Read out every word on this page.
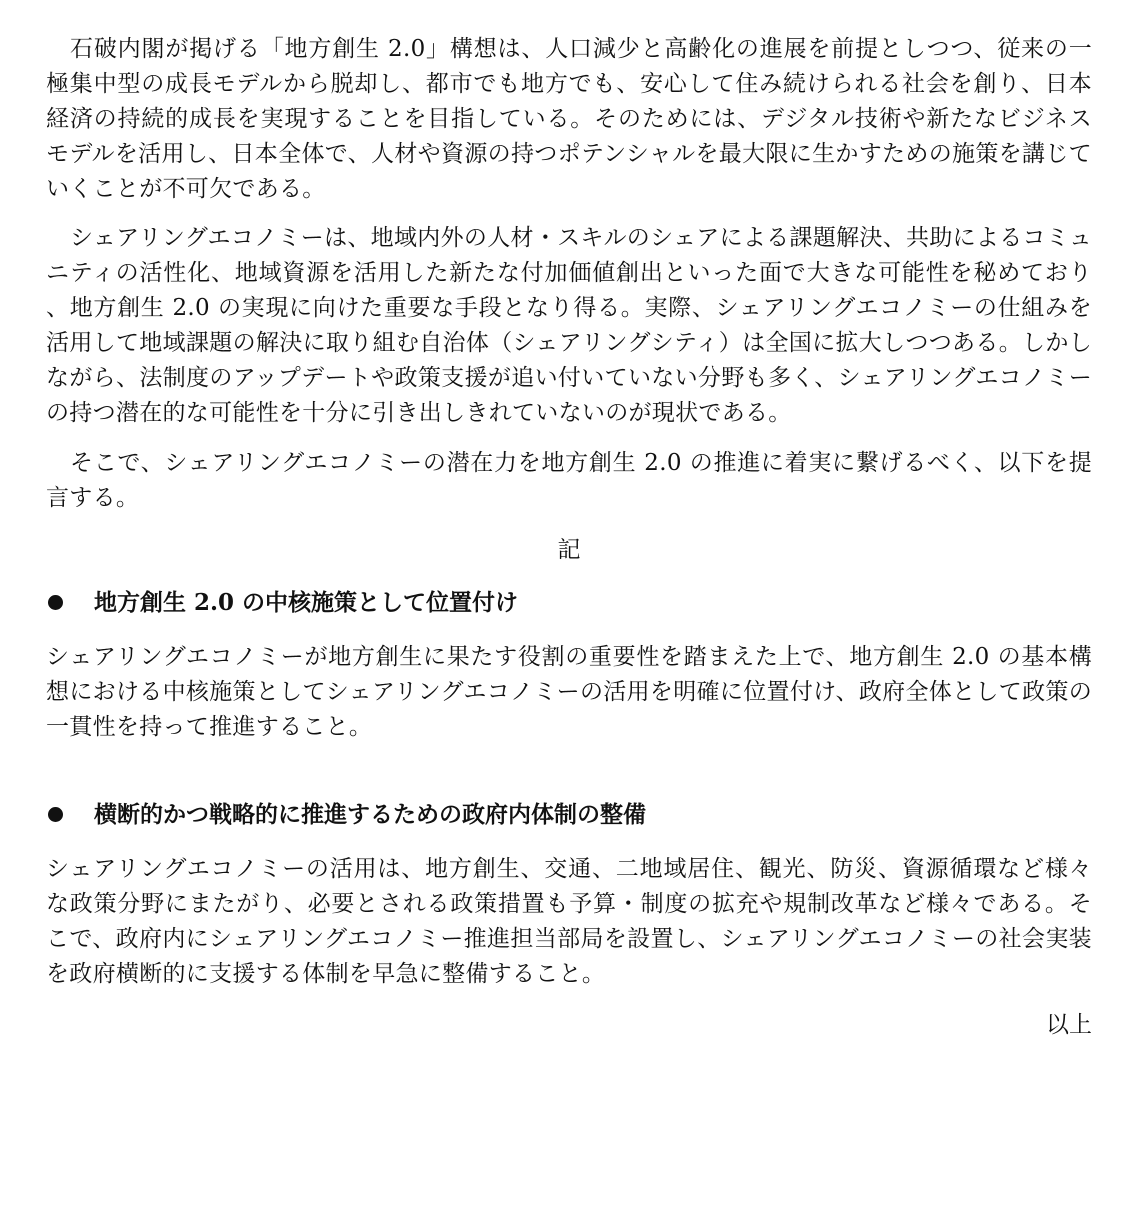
石破内閣が掲げる「地方創生 2.0」構想は、人口減少と高齢化の進展を前提としつつ、従来の一極集中型の成長モデルから脱却し、都市でも地方でも、安心して住み続けられる社会を創り、日本経済の持続的成長を実現することを目指している。そのためには、デジタル技術や新たなビジネスモデルを活用し、日本全体で、人材や資源の持つポテンシャルを最大限に生かすための施策を講じていくことが不可欠である。

シェアリングエコノミーは、地域内外の人材・スキルのシェアによる課題解決、共助によるコミュニティの活性化、地域資源を活用した新たな付加価値創出といった面で大きな可能性を秘めており、地方創生 2.0 の実現に向けた重要な手段となり得る。実際、シェアリングエコノミーの仕組みを活用して地域課題の解決に取り組む自治体（シェアリングシティ）は全国に拡大しつつある。しかしながら、法制度のアップデートや政策支援が追い付いていない分野も多く、シェアリングエコノミーの持つ潜在的な可能性を十分に引き出しきれていないのが現状である。

そこで、シェアリングエコノミーの潜在力を地方創生 2.0 の推進に着実に繋げるべく、以下を提言する。

記
地方創生 2.0 の中核施策として位置付け

シェアリングエコノミーが地方創生に果たす役割の重要性を踏まえた上で、地方創生 2.0 の基本構想における中核施策としてシェアリングエコノミーの活用を明確に位置付け、政府全体として政策の一貫性を持って推進すること。

横断的かつ戦略的に推進するための政府内体制の整備

シェアリングエコノミーの活用は、地方創生、交通、二地域居住、観光、防災、資源循環など様々な政策分野にまたがり、必要とされる政策措置も予算・制度の拡充や規制改革など様々である。そこで、政府内にシェアリングエコノミー推進担当部局を設置し、シェアリングエコノミーの社会実装を政府横断的に支援する体制を早急に整備すること。

以上
